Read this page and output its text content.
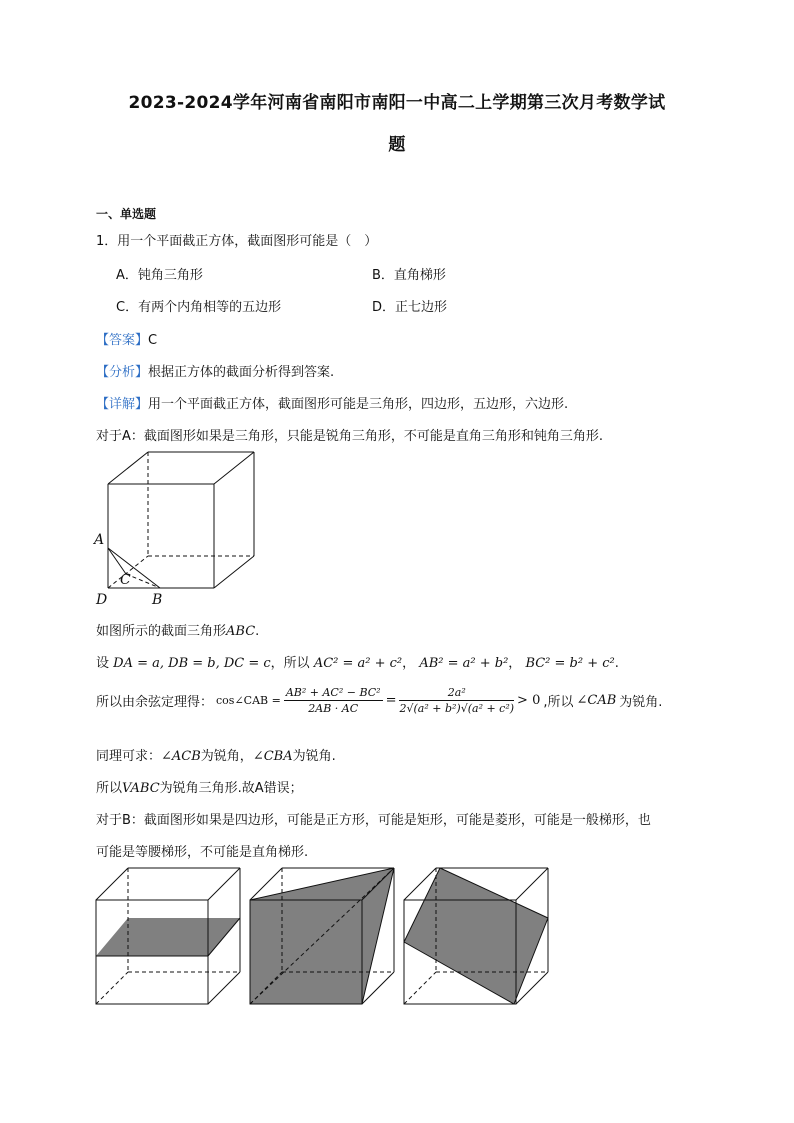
2023-2024学年河南省南阳市南阳一中高二上学期第三次月考数学试
题
一、单选题
1．用一个平面截正方体，截面图形可能是（　）
A．钝角三角形	B．直角梯形
C．有两个内角相等的五边形	D．正七边形
【答案】C
【分析】根据正方体的截面分析得到答案.
【详解】用一个平面截正方体，截面图形可能是三角形，四边形，五边形，六边形.
对于A：截面图形如果是三角形，只能是锐角三角形，不可能是直角三角形和钝角三角形.
A
C
D	B
如图所示的截面三角形ABC.
设 DA = a, DB = b, DC = c，所以 AC² = a² + c²， AB² = a² + b²， BC² = b² + c².
所以由余弦定理得： cos∠CAB = $\frac{\text{AB² + AC² − BC²}}{2AB \cdot AC} = \frac{\text{2a²}}{\text{2√(a² + b²)√(a² + c²)}} > 0$ ,所以 ∠CAB 为锐角.
同理可求：∠ACB为锐角，∠CBA为锐角.
所以VABC为锐角三角形.故A错误；
对于B：截面图形如果是四边形，可能是正方形，可能是矩形，可能是菱形，可能是一般梯形，也
可能是等腰梯形，不可能是直角梯形.
